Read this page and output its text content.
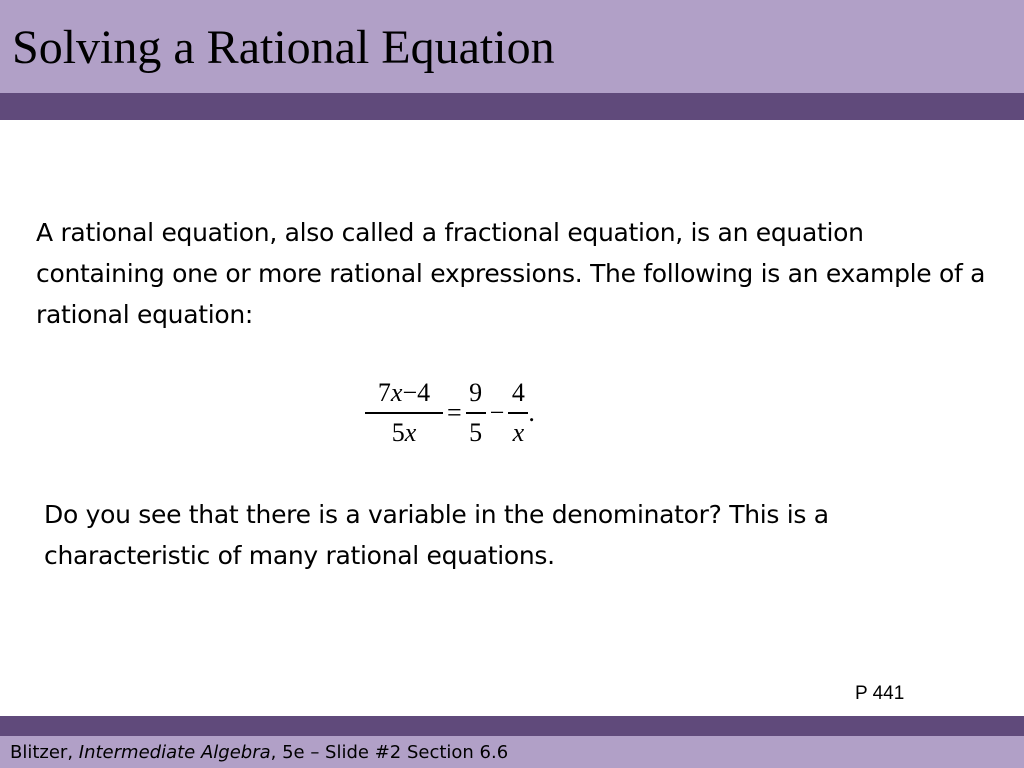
Solving a Rational Equation

A rational equation, also called a fractional equation, is an equation containing one or more rational expressions. The following is an example of a rational equation:

$\frac{7x-4}{5x} = \frac{9}{5} - \frac{4}{x}$ .

Do you see that there is a variable in the denominator? This is a characteristic of many rational equations.

P 441

Blitzer, Intermediate Algebra, 5e – Slide #2 Section 6.6
